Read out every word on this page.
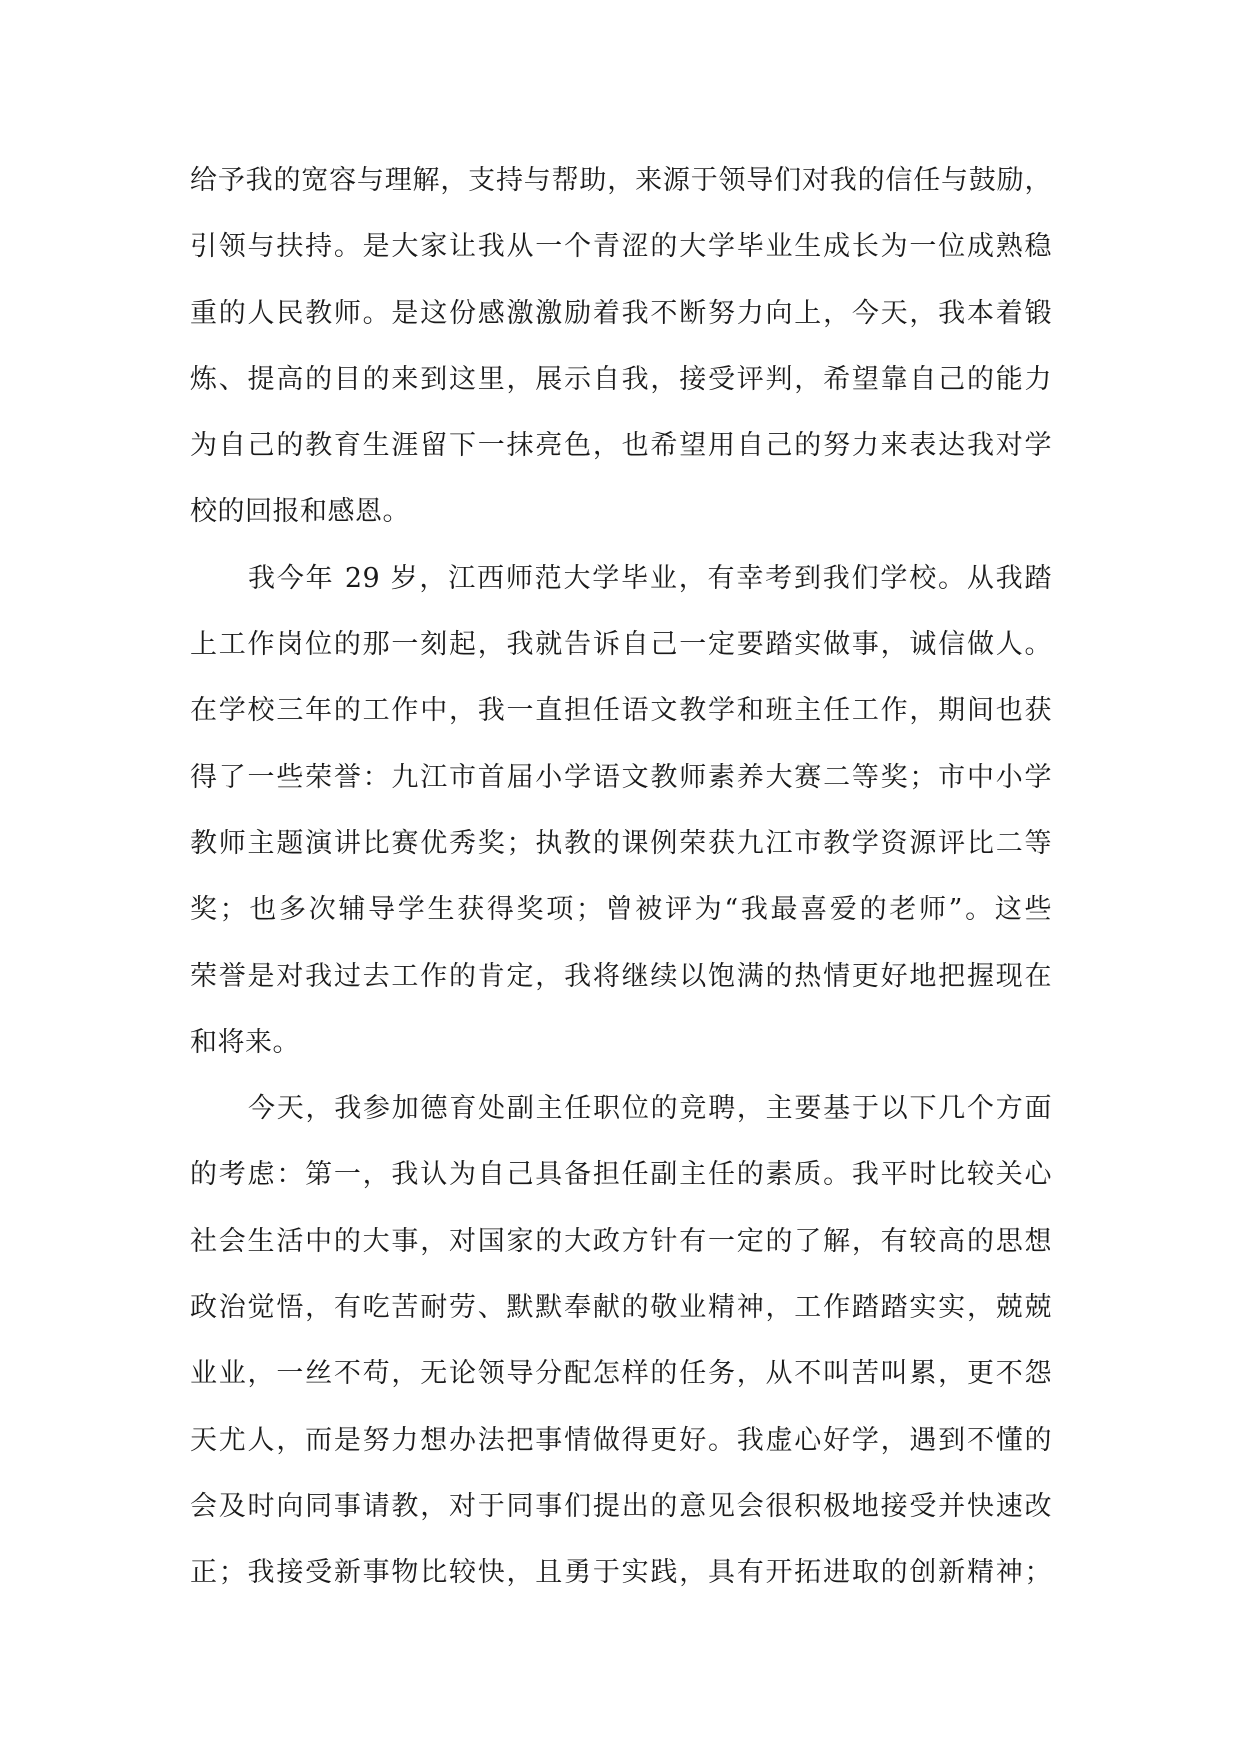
给予我的宽容与理解，支持与帮助，来源于领导们对我的信任与鼓励，
引领与扶持。是大家让我从一个青涩的大学毕业生成长为一位成熟稳
重的人民教师。是这份感激激励着我不断努力向上，今天，我本着锻
炼、提高的目的来到这里，展示自我，接受评判，希望靠自己的能力
为自己的教育生涯留下一抹亮色，也希望用自己的努力来表达我对学
校的回报和感恩。
我今年 29 岁，江西师范大学毕业，有幸考到我们学校。从我踏
上工作岗位的那一刻起，我就告诉自己一定要踏实做事，诚信做人。
在学校三年的工作中，我一直担任语文教学和班主任工作，期间也获
得了一些荣誉：九江市首届小学语文教师素养大赛二等奖；市中小学
教师主题演讲比赛优秀奖；执教的课例荣获九江市教学资源评比二等
奖；也多次辅导学生获得奖项；曾被评为“我最喜爱的老师”。这些
荣誉是对我过去工作的肯定，我将继续以饱满的热情更好地把握现在
和将来。
今天，我参加德育处副主任职位的竞聘，主要基于以下几个方面
的考虑：第一，我认为自己具备担任副主任的素质。我平时比较关心
社会生活中的大事，对国家的大政方针有一定的了解，有较高的思想
政治觉悟，有吃苦耐劳、默默奉献的敬业精神，工作踏踏实实，兢兢
业业，一丝不苟，无论领导分配怎样的任务，从不叫苦叫累，更不怨
天尤人，而是努力想办法把事情做得更好。我虚心好学，遇到不懂的
会及时向同事请教，对于同事们提出的意见会很积极地接受并快速改
正；我接受新事物比较快，且勇于实践，具有开拓进取的创新精神；
